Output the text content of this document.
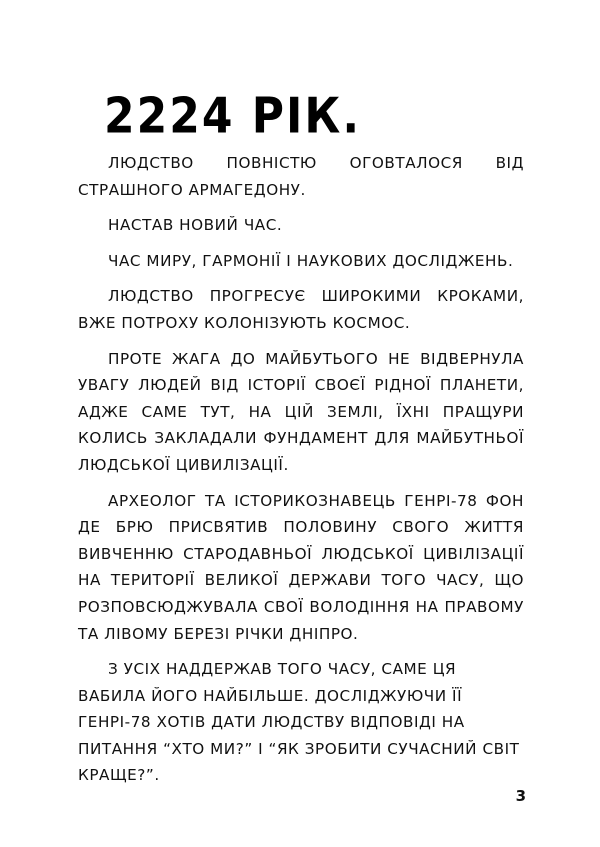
2224 РІК.

ЛЮДСТВО ПОВНІСТЮ ОГОВТАЛОСЯ ВІД СТРАШНОГО АРМАГЕДОНУ.

НАСТАВ НОВИЙ ЧАС.

ЧАС МИРУ, ГАРМОНІЇ І НАУКОВИХ ДОСЛІДЖЕНЬ.

ЛЮДСТВО ПРОГРЕСУЄ ШИРОКИМИ КРОКАМИ, ВЖЕ ПОТРОХУ КОЛОНІЗУЮТЬ КОСМОС.

ПРОТЕ ЖАГА ДО МАЙБУТЬОГО НЕ ВІДВЕРНУЛА УВАГУ ЛЮДЕЙ ВІД ІСТОРІЇ СВОЄЇ РІДНОЇ ПЛАНЕТИ, АДЖЕ САМЕ ТУТ, НА ЦІЙ ЗЕМЛІ, ЇХНІ ПРАЩУРИ КОЛИСЬ ЗАКЛАДАЛИ ФУНДАМЕНТ ДЛЯ МАЙБУТНЬОЇ ЛЮДСЬКОЇ ЦИВИЛІЗАЦІЇ.

АРХЕОЛОГ ТА ІСТОРИКОЗНАВЕЦЬ ГЕНРІ-78 ФОН ДЕ БРЮ ПРИСВЯТИВ ПОЛОВИНУ СВОГО ЖИТТЯ ВИВЧЕННЮ СТАРОДАВНЬОЇ ЛЮДСЬКОЇ ЦИВІЛІЗАЦІЇ НА ТЕРИТОРІЇ ВЕЛИКОЇ ДЕРЖАВИ ТОГО ЧАСУ, ЩО РОЗПОВСЮДЖУВАЛА СВОЇ ВОЛОДІННЯ НА ПРАВОМУ ТА ЛІВОМУ БЕРЕЗІ РІЧКИ ДНІПРО.

З УСІХ НАДДЕРЖАВ ТОГО ЧАСУ, САМЕ ЦЯ ВАБИЛА ЙОГО НАЙБІЛЬШЕ. ДОСЛІДЖУЮЧИ ЇЇ ГЕНРІ-78 ХОТІВ ДАТИ ЛЮДСТВУ ВІДПОВІДІ НА ПИТАННЯ “ХТО МИ?” І “ЯК ЗРОБИТИ СУЧАСНИЙ СВІТ КРАЩЕ?”.

3
